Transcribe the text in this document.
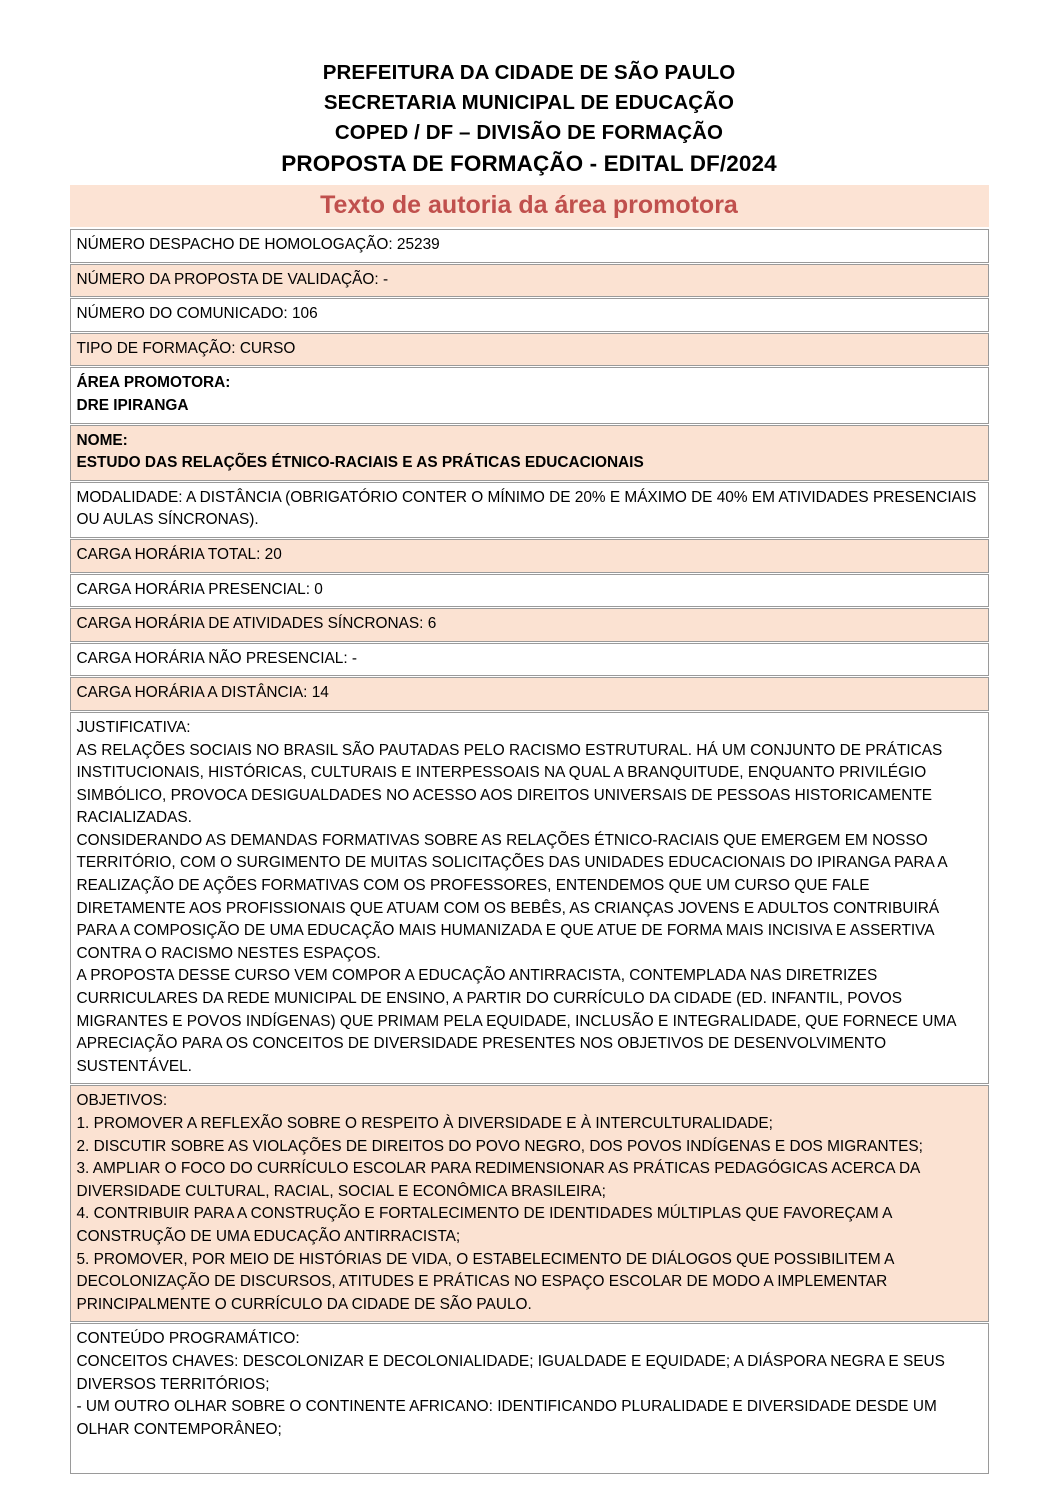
PREFEITURA DA CIDADE DE SÃO PAULO
SECRETARIA MUNICIPAL DE EDUCAÇÃO
COPED / DF – DIVISÃO DE FORMAÇÃO
PROPOSTA DE FORMAÇÃO - EDITAL DF/2024
Texto de autoria da área promotora
NÚMERO DESPACHO DE HOMOLOGAÇÃO: 25239

NÚMERO DA PROPOSTA DE VALIDAÇÃO: -

NÚMERO DO COMUNICADO: 106

TIPO DE FORMAÇÃO: CURSO

ÁREA PROMOTORA:
DRE IPIRANGA

NOME:
ESTUDO DAS RELAÇÕES ÉTNICO-RACIAIS E AS PRÁTICAS EDUCACIONAIS

MODALIDADE: A DISTÂNCIA (OBRIGATÓRIO CONTER O MÍNIMO DE 20% E MÁXIMO DE 40% EM ATIVIDADES PRESENCIAIS OU AULAS SÍNCRONAS).

CARGA HORÁRIA TOTAL: 20

CARGA HORÁRIA PRESENCIAL: 0

CARGA HORÁRIA DE ATIVIDADES SÍNCRONAS: 6

CARGA HORÁRIA NÃO PRESENCIAL: -

CARGA HORÁRIA A DISTÂNCIA: 14

JUSTIFICATIVA:
AS RELAÇÕES SOCIAIS NO BRASIL SÃO PAUTADAS PELO RACISMO ESTRUTURAL. HÁ UM CONJUNTO DE PRÁTICAS INSTITUCIONAIS, HISTÓRICAS, CULTURAIS E INTERPESSOAIS NA QUAL A BRANQUITUDE, ENQUANTO PRIVILÉGIO SIMBÓLICO, PROVOCA DESIGUALDADES NO ACESSO AOS DIREITOS UNIVERSAIS DE PESSOAS HISTORICAMENTE RACIALIZADAS.
CONSIDERANDO AS DEMANDAS FORMATIVAS SOBRE AS RELAÇÕES ÉTNICO-RACIAIS QUE EMERGEM EM NOSSO TERRITÓRIO, COM O SURGIMENTO DE MUITAS SOLICITAÇÕES DAS UNIDADES EDUCACIONAIS DO IPIRANGA PARA A REALIZAÇÃO DE AÇÕES FORMATIVAS COM OS PROFESSORES, ENTENDEMOS QUE UM CURSO QUE FALE DIRETAMENTE AOS PROFISSIONAIS QUE ATUAM COM OS BEBÊS, AS CRIANÇAS JOVENS E ADULTOS CONTRIBUIRÁ PARA A COMPOSIÇÃO DE UMA EDUCAÇÃO MAIS HUMANIZADA E QUE ATUE DE FORMA MAIS INCISIVA E ASSERTIVA CONTRA O RACISMO NESTES ESPAÇOS.
A PROPOSTA DESSE CURSO VEM COMPOR A EDUCAÇÃO ANTIRRACISTA, CONTEMPLADA NAS DIRETRIZES CURRICULARES DA REDE MUNICIPAL DE ENSINO, A PARTIR DO CURRÍCULO DA CIDADE (ED. INFANTIL, POVOS MIGRANTES E POVOS INDÍGENAS) QUE PRIMAM PELA EQUIDADE, INCLUSÃO E INTEGRALIDADE, QUE FORNECE UMA APRECIAÇÃO PARA OS CONCEITOS DE DIVERSIDADE PRESENTES NOS OBJETIVOS DE DESENVOLVIMENTO SUSTENTÁVEL.

OBJETIVOS:
1. PROMOVER A REFLEXÃO SOBRE O RESPEITO À DIVERSIDADE E À INTERCULTURALIDADE;
2. DISCUTIR SOBRE AS VIOLAÇÕES DE DIREITOS DO POVO NEGRO, DOS POVOS INDÍGENAS E DOS MIGRANTES;
3. AMPLIAR O FOCO DO CURRÍCULO ESCOLAR PARA REDIMENSIONAR AS PRÁTICAS PEDAGÓGICAS ACERCA DA DIVERSIDADE CULTURAL, RACIAL, SOCIAL E ECONÔMICA BRASILEIRA;
4. CONTRIBUIR PARA A CONSTRUÇÃO E FORTALECIMENTO DE IDENTIDADES MÚLTIPLAS QUE FAVOREÇAM A CONSTRUÇÃO DE UMA EDUCAÇÃO ANTIRRACISTA;
5. PROMOVER, POR MEIO DE HISTÓRIAS DE VIDA, O ESTABELECIMENTO DE DIÁLOGOS QUE POSSIBILITEM A DECOLONIZAÇÃO DE DISCURSOS, ATITUDES E PRÁTICAS NO ESPAÇO ESCOLAR DE MODO A IMPLEMENTAR PRINCIPALMENTE O CURRÍCULO DA CIDADE DE SÃO PAULO.

CONTEÚDO PROGRAMÁTICO:
CONCEITOS CHAVES: DESCOLONIZAR E DECOLONIALIDADE; IGUALDADE E EQUIDADE; A DIÁSPORA NEGRA E SEUS DIVERSOS TERRITÓRIOS;
- UM OUTRO OLHAR SOBRE O CONTINENTE AFRICANO: IDENTIFICANDO PLURALIDADE E DIVERSIDADE DESDE UM OLHAR CONTEMPORÂNEO;
